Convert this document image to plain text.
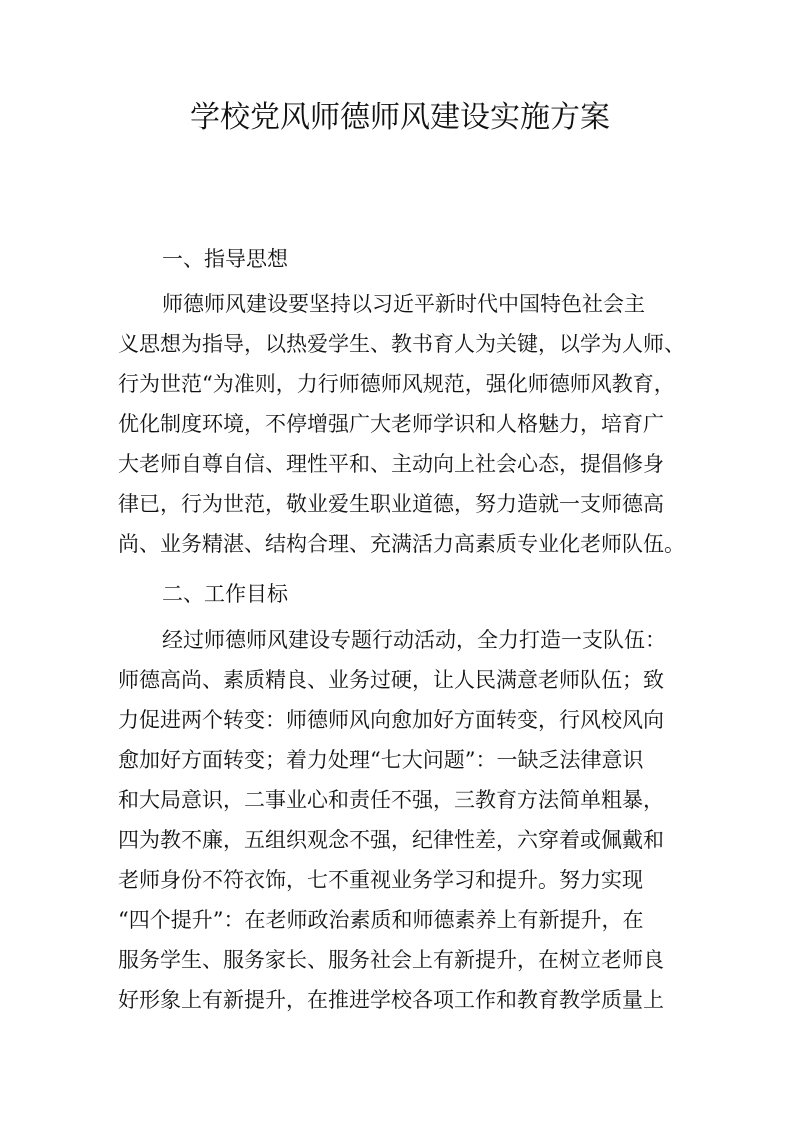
学校党风师德师风建设实施方案
一、指导思想
师德师风建设要坚持以习近平新时代中国特色社会主
义思想为指导，以热爱学生、教书育人为关键，以学为人师、
行为世范“为准则，力行师德师风规范，强化师德师风教育，
优化制度环境，不停增强广大老师学识和人格魅力，培育广
大老师自尊自信、理性平和、主动向上社会心态，提倡修身
律已，行为世范，敬业爱生职业道德，努力造就一支师德高
尚、业务精湛、结构合理、充满活力高素质专业化老师队伍。
二、工作目标
经过师德师风建设专题行动活动，全力打造一支队伍：
师德高尚、素质精良、业务过硬，让人民满意老师队伍；致
力促进两个转变：师德师风向愈加好方面转变，行风校风向
愈加好方面转变；着力处理“七大问题”：一缺乏法律意识
和大局意识，二事业心和责任不强，三教育方法简单粗暴，
四为教不廉，五组织观念不强，纪律性差，六穿着或佩戴和
老师身份不符衣饰，七不重视业务学习和提升。努力实现
“四个提升”：在老师政治素质和师德素养上有新提升，在
服务学生、服务家长、服务社会上有新提升，在树立老师良
好形象上有新提升，在推进学校各项工作和教育教学质量上
